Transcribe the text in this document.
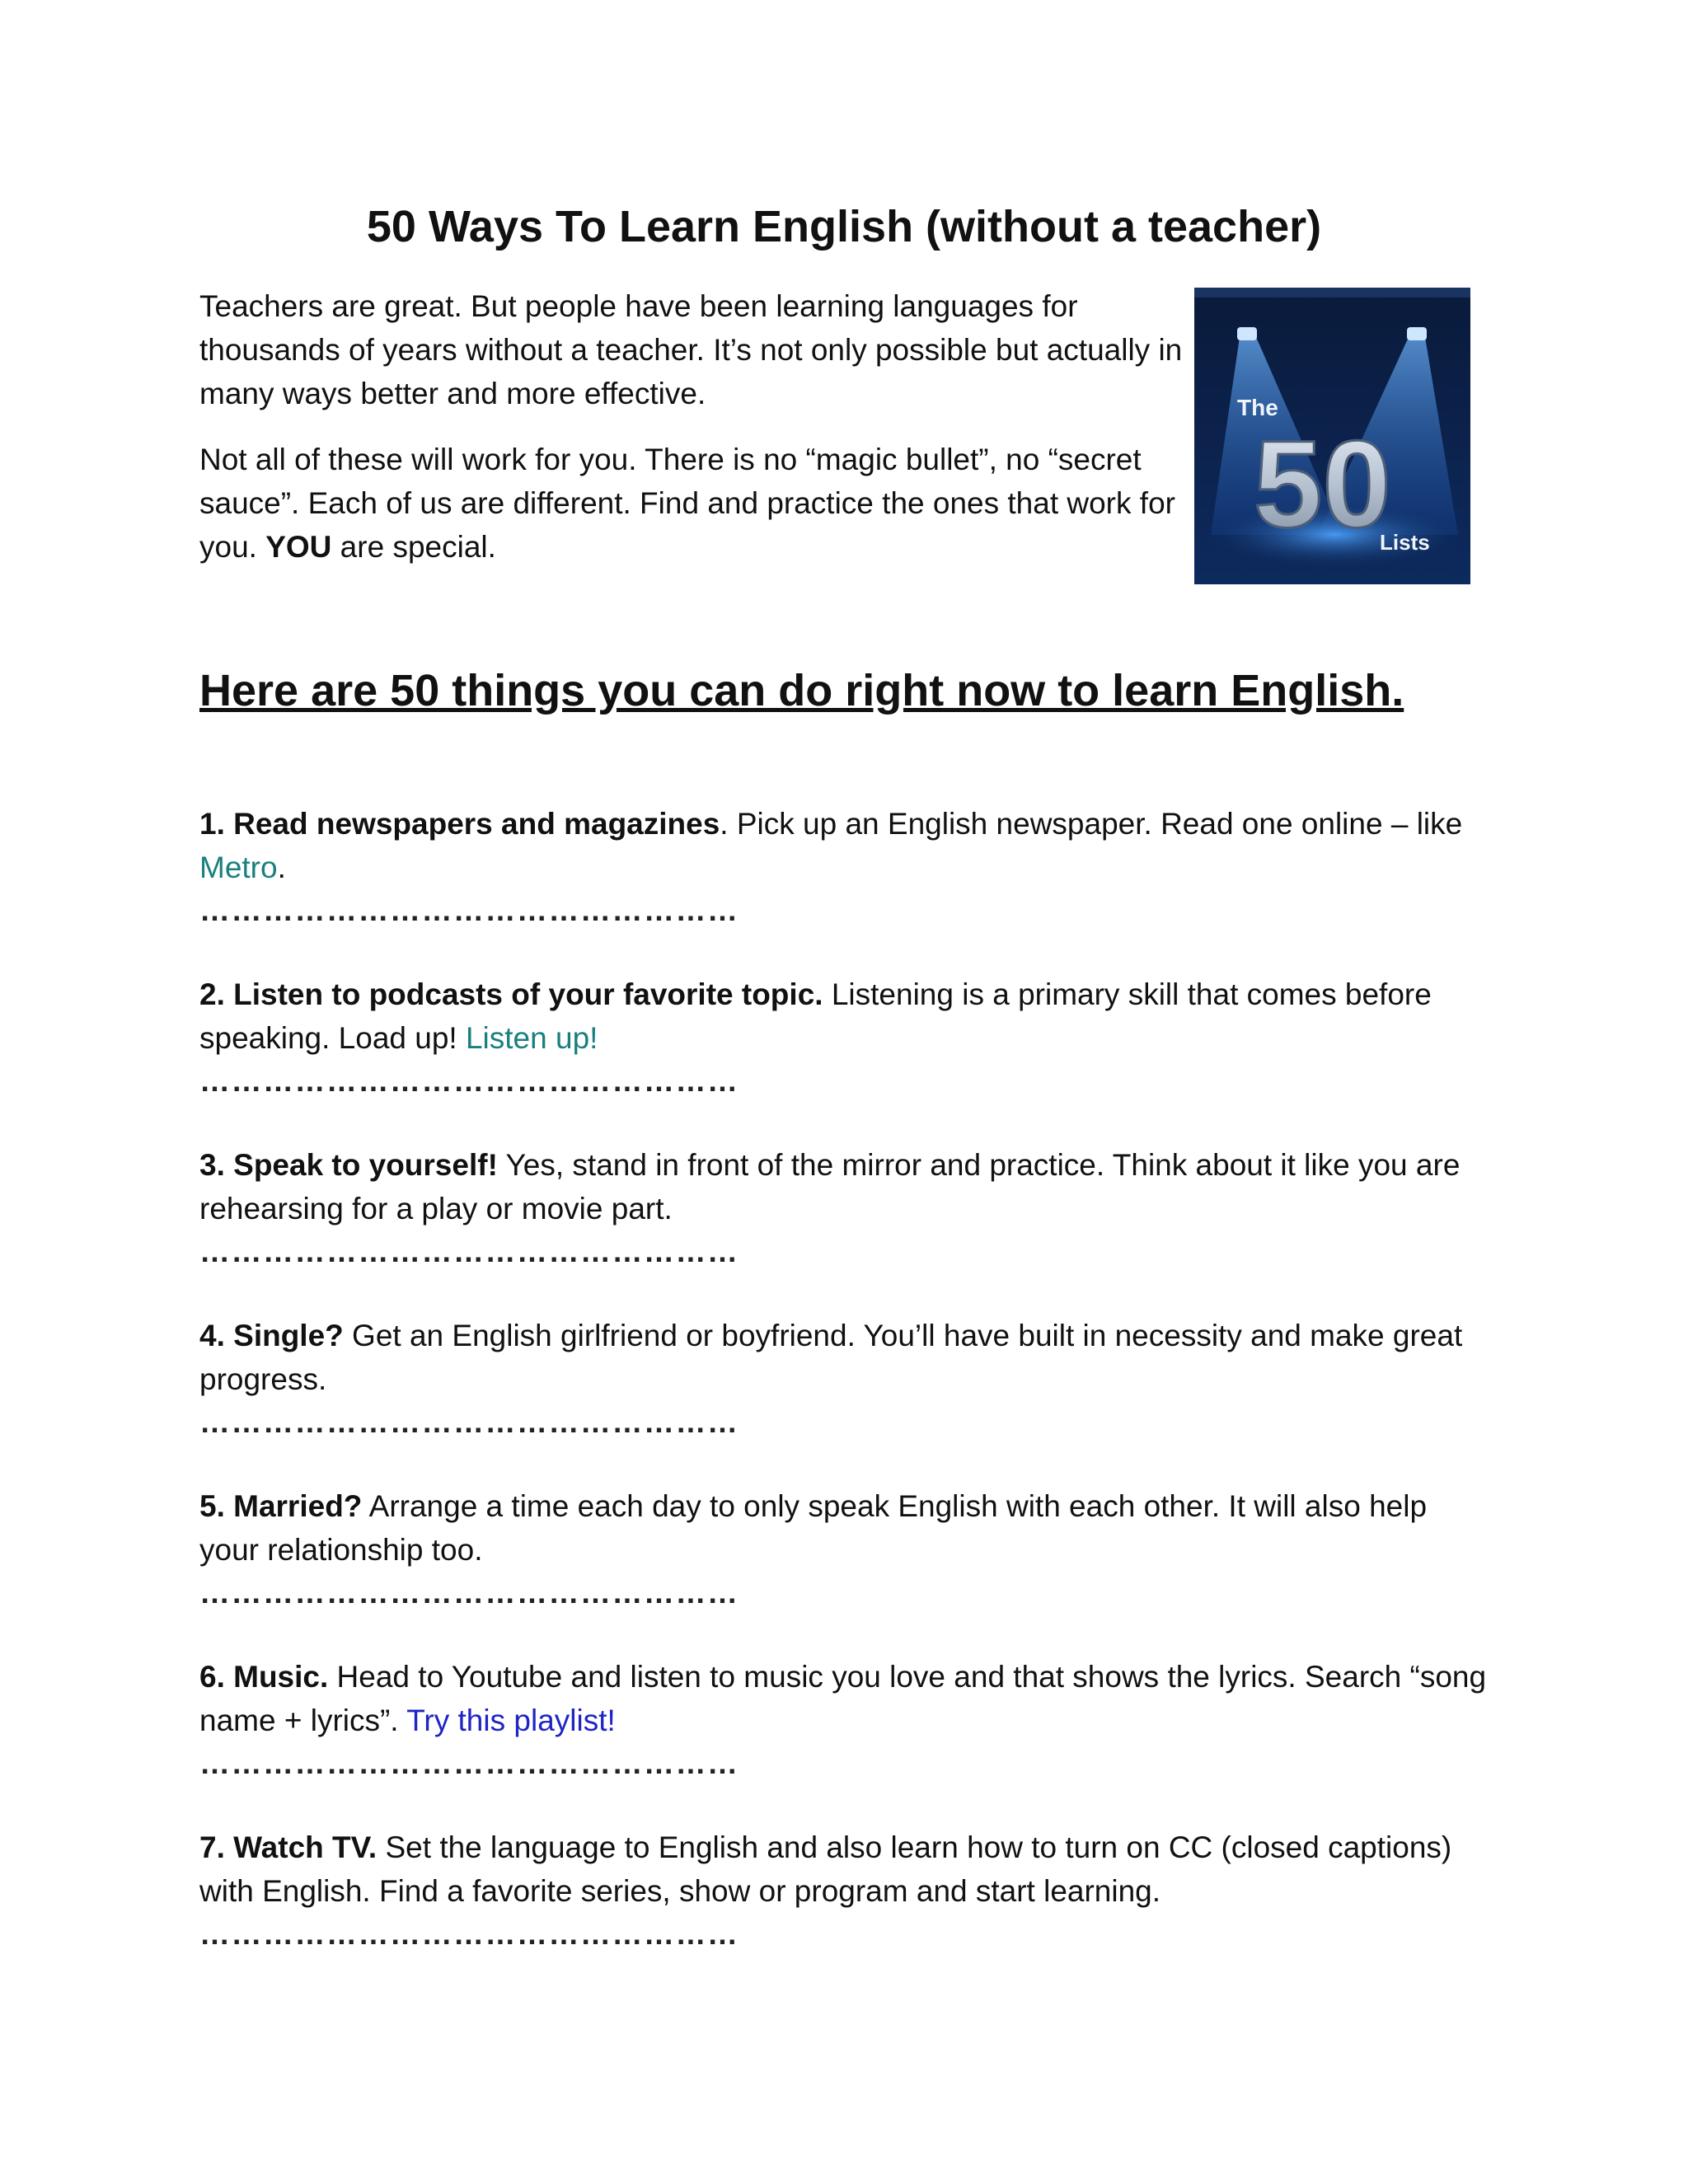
50 Ways To Learn English (without a teacher)

Teachers are great. But people have been learning languages for thousands of years without a teacher. It’s not only possible but actually in many ways better and more effective.

Not all of these will work for you. There is no “magic bullet”, no “secret sauce”. Each of us are different. Find and practice the ones that work for you. YOU are special.

The
50
Lists
Here are 50 things you can do right now to learn English.

1. Read newspapers and magazines. Pick up an English newspaper. Read one online – like Metro.

……………………………………………

2. Listen to podcasts of your favorite topic. Listening is a primary skill that comes before speaking. Load up! Listen up!

……………………………………………

3. Speak to yourself! Yes, stand in front of the mirror and practice. Think about it like you are rehearsing for a play or movie part.

……………………………………………

4. Single? Get an English girlfriend or boyfriend. You’ll have built in necessity and make great progress.

……………………………………………

5. Married? Arrange a time each day to only speak English with each other. It will also help your relationship too.

……………………………………………

6. Music. Head to Youtube and listen to music you love and that shows the lyrics. Search “song name + lyrics”. Try this playlist!

……………………………………………

7. Watch TV. Set the language to English and also learn how to turn on CC (closed captions) with English. Find a favorite series, show or program and start learning.

……………………………………………
